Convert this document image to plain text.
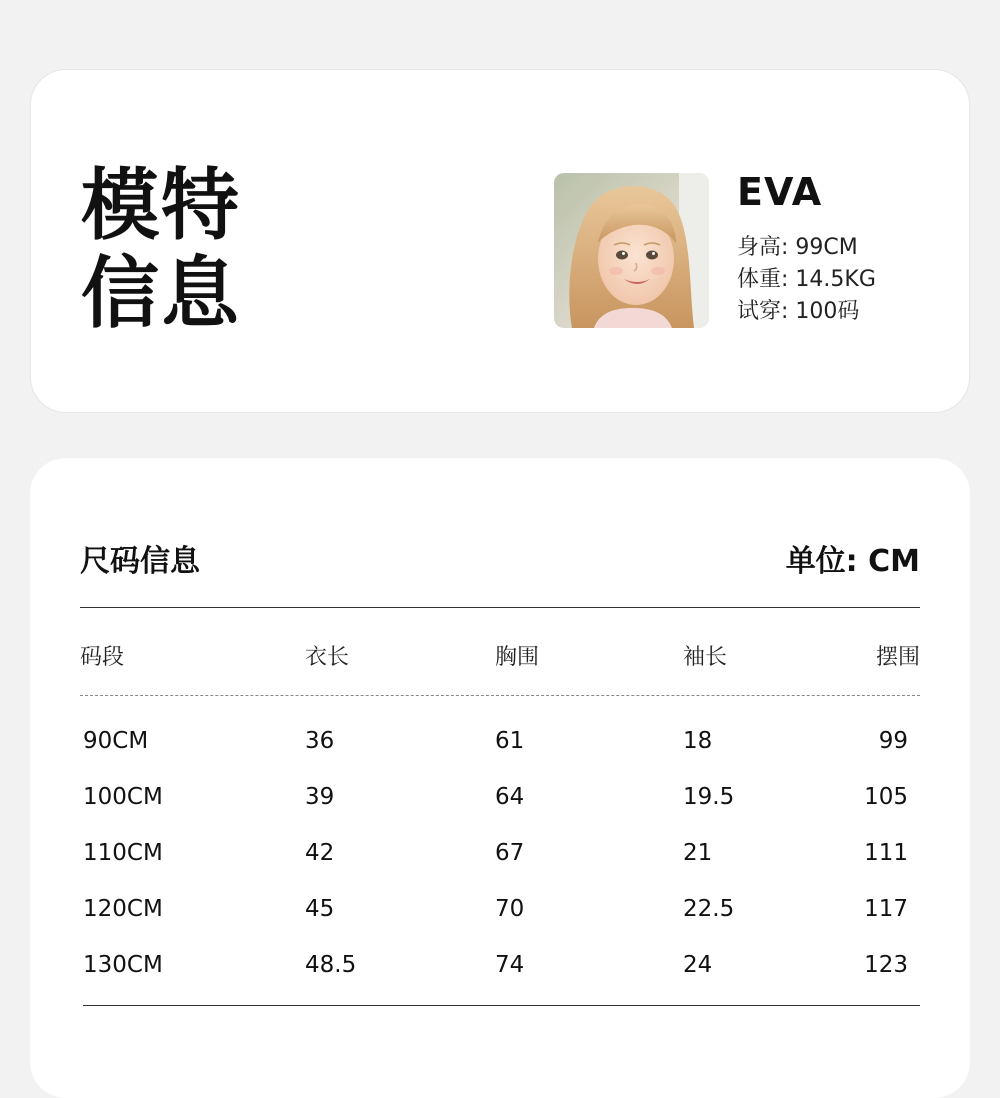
模特
信息
EVA
身高: 99CM
体重: 14.5KG
试穿: 100码
尺码信息	单位: CM
码段	衣长	胸围	袖长	摆围
90CM	36	61	18	99
100CM	39	64	19.5	105
110CM	42	67	21	111
120CM	45	70	22.5	117
130CM	48.5	74	24	123
